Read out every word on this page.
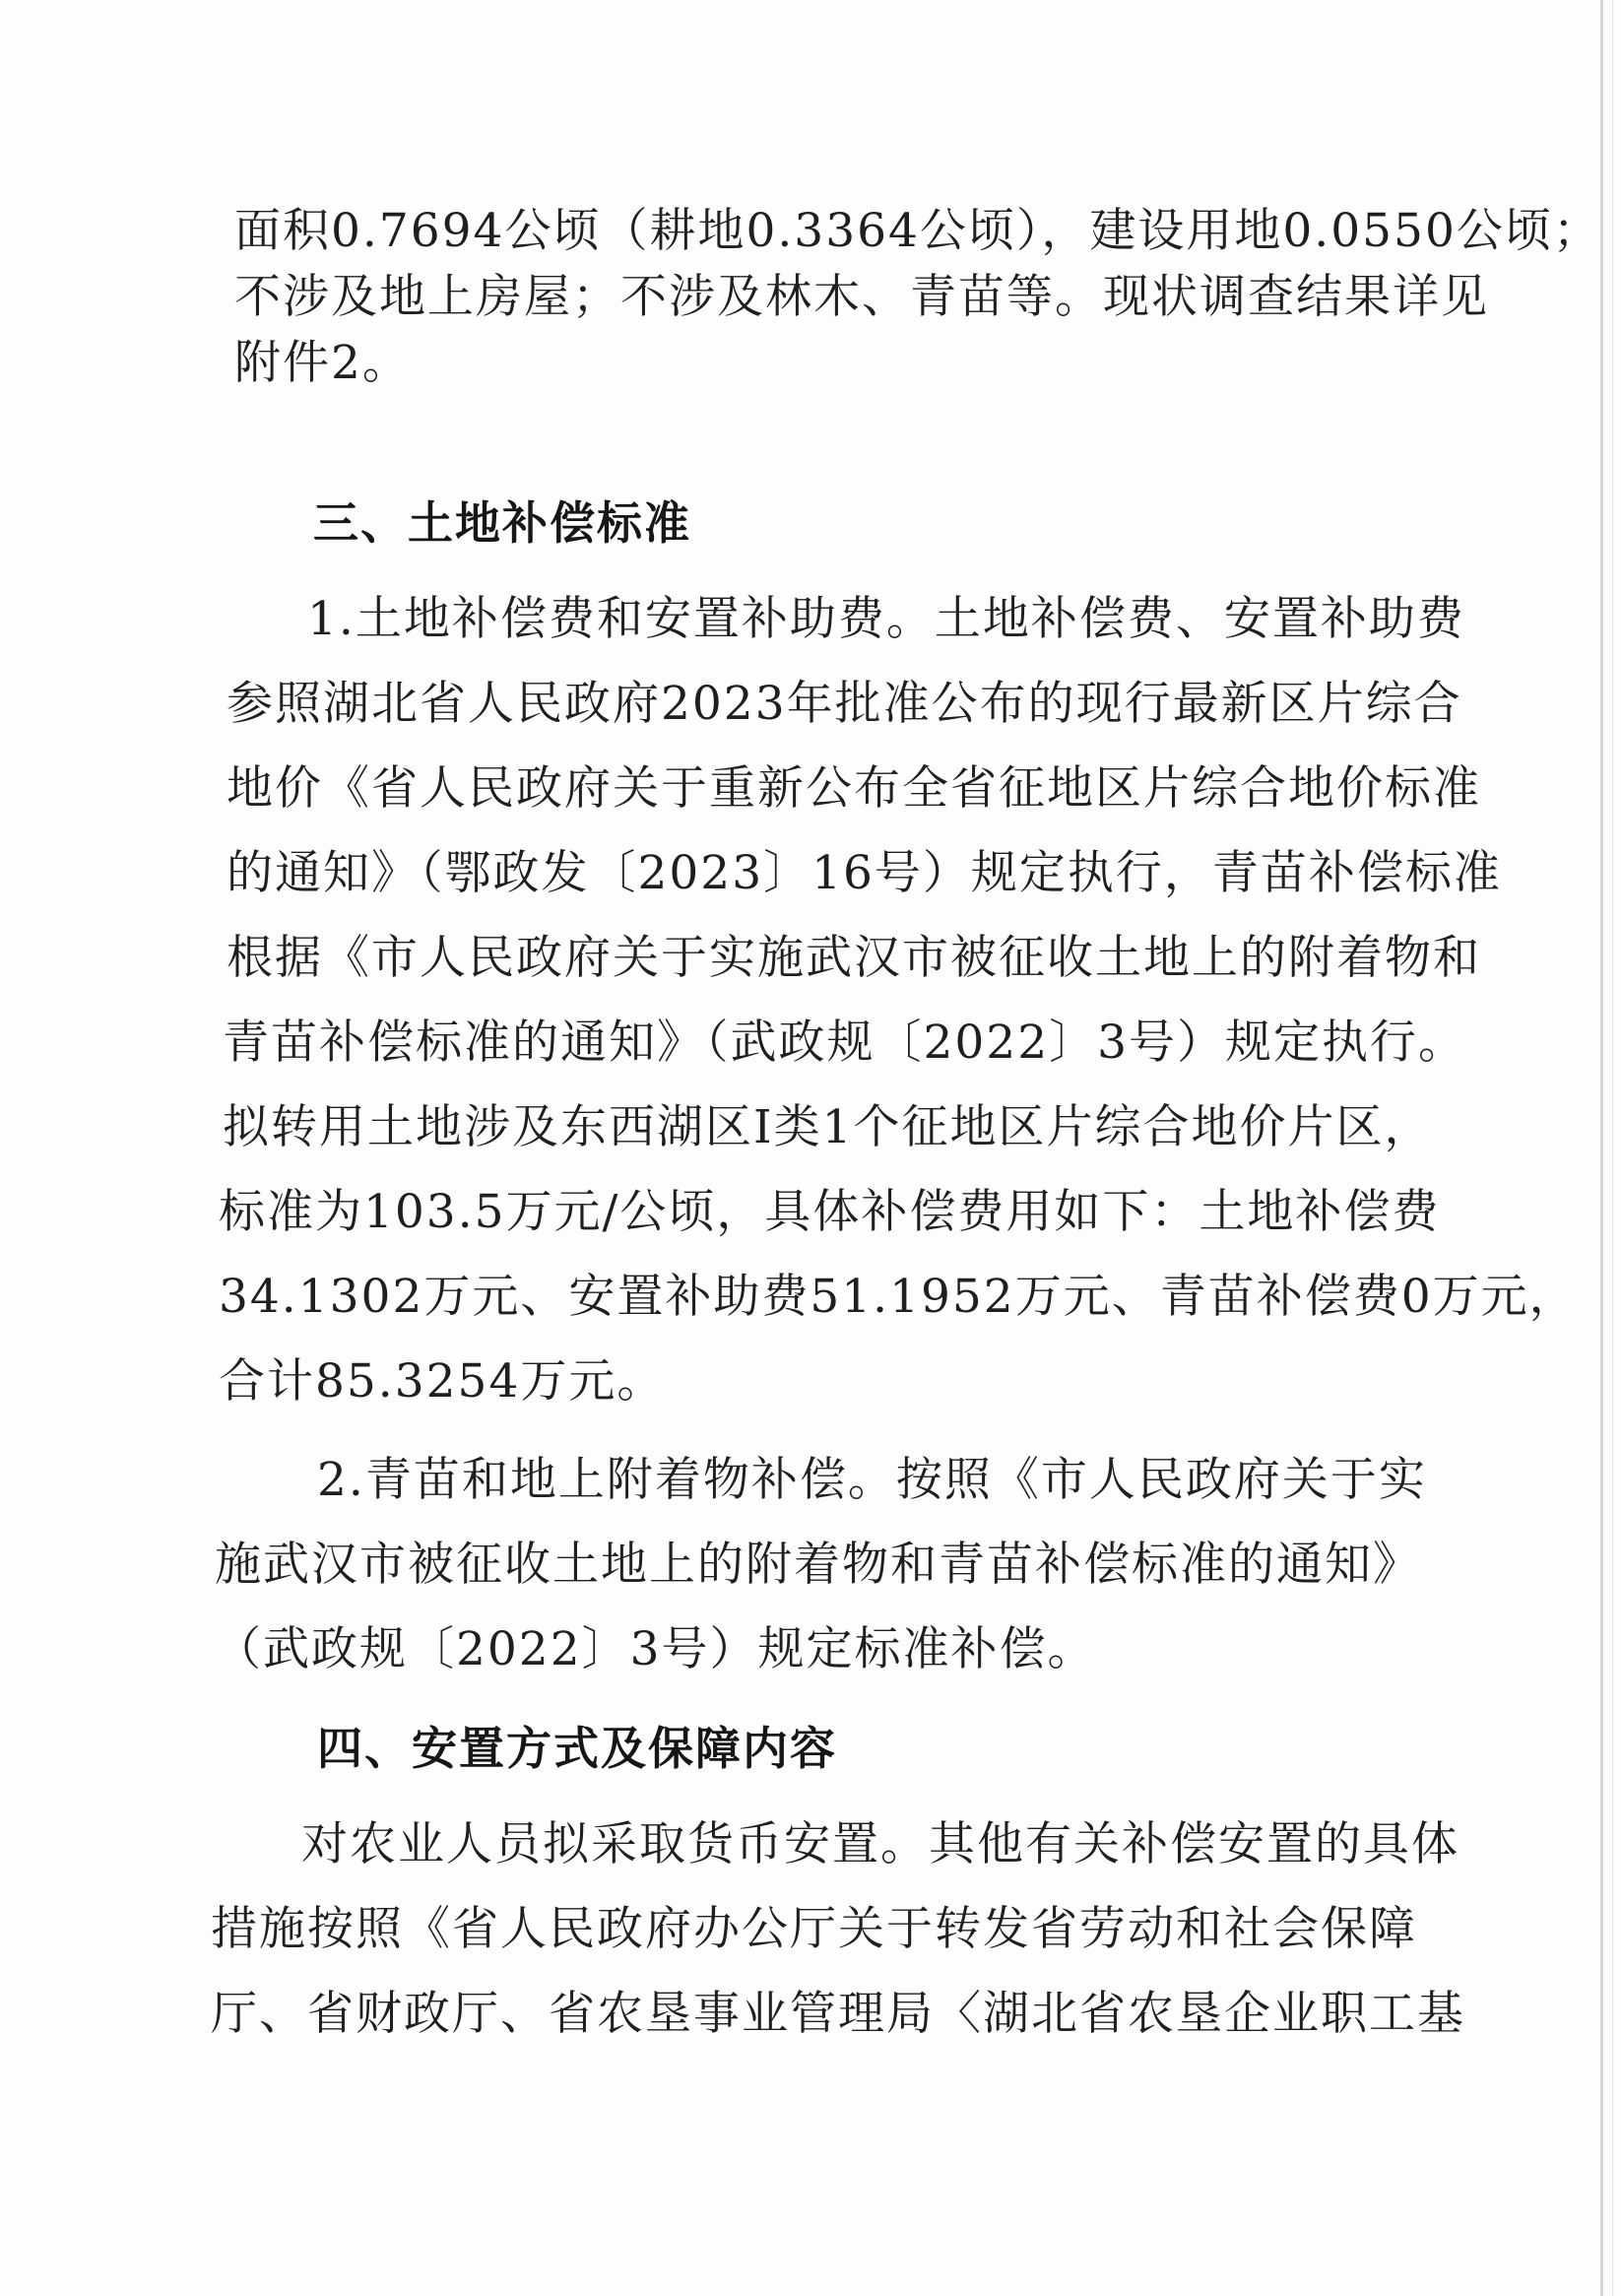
面积0.7694公顷（耕地0.3364公顷），建设用地0.0550公顷；
不涉及地上房屋；不涉及林木、青苗等。现状调查结果详见
附件2。
三、土地补偿标准
1.土地补偿费和安置补助费。土地补偿费、安置补助费
参照湖北省人民政府2023年批准公布的现行最新区片综合
地价《省人民政府关于重新公布全省征地区片综合地价标准
的通知》（鄂政发〔2023〕16号）规定执行，青苗补偿标准
根据《市人民政府关于实施武汉市被征收土地上的附着物和
青苗补偿标准的通知》（武政规〔2022〕3号）规定执行。
拟转用土地涉及东西湖区Ⅰ类1个征地区片综合地价片区，
标准为103.5万元/公顷，具体补偿费用如下：土地补偿费
34.1302万元、安置补助费51.1952万元、青苗补偿费0万元，
合计85.3254万元。
2.青苗和地上附着物补偿。按照《市人民政府关于实
施武汉市被征收土地上的附着物和青苗补偿标准的通知》
（武政规〔2022〕3号）规定标准补偿。
四、安置方式及保障内容
对农业人员拟采取货币安置。其他有关补偿安置的具体
措施按照《省人民政府办公厅关于转发省劳动和社会保障
厅、省财政厅、省农垦事业管理局〈湖北省农垦企业职工基
